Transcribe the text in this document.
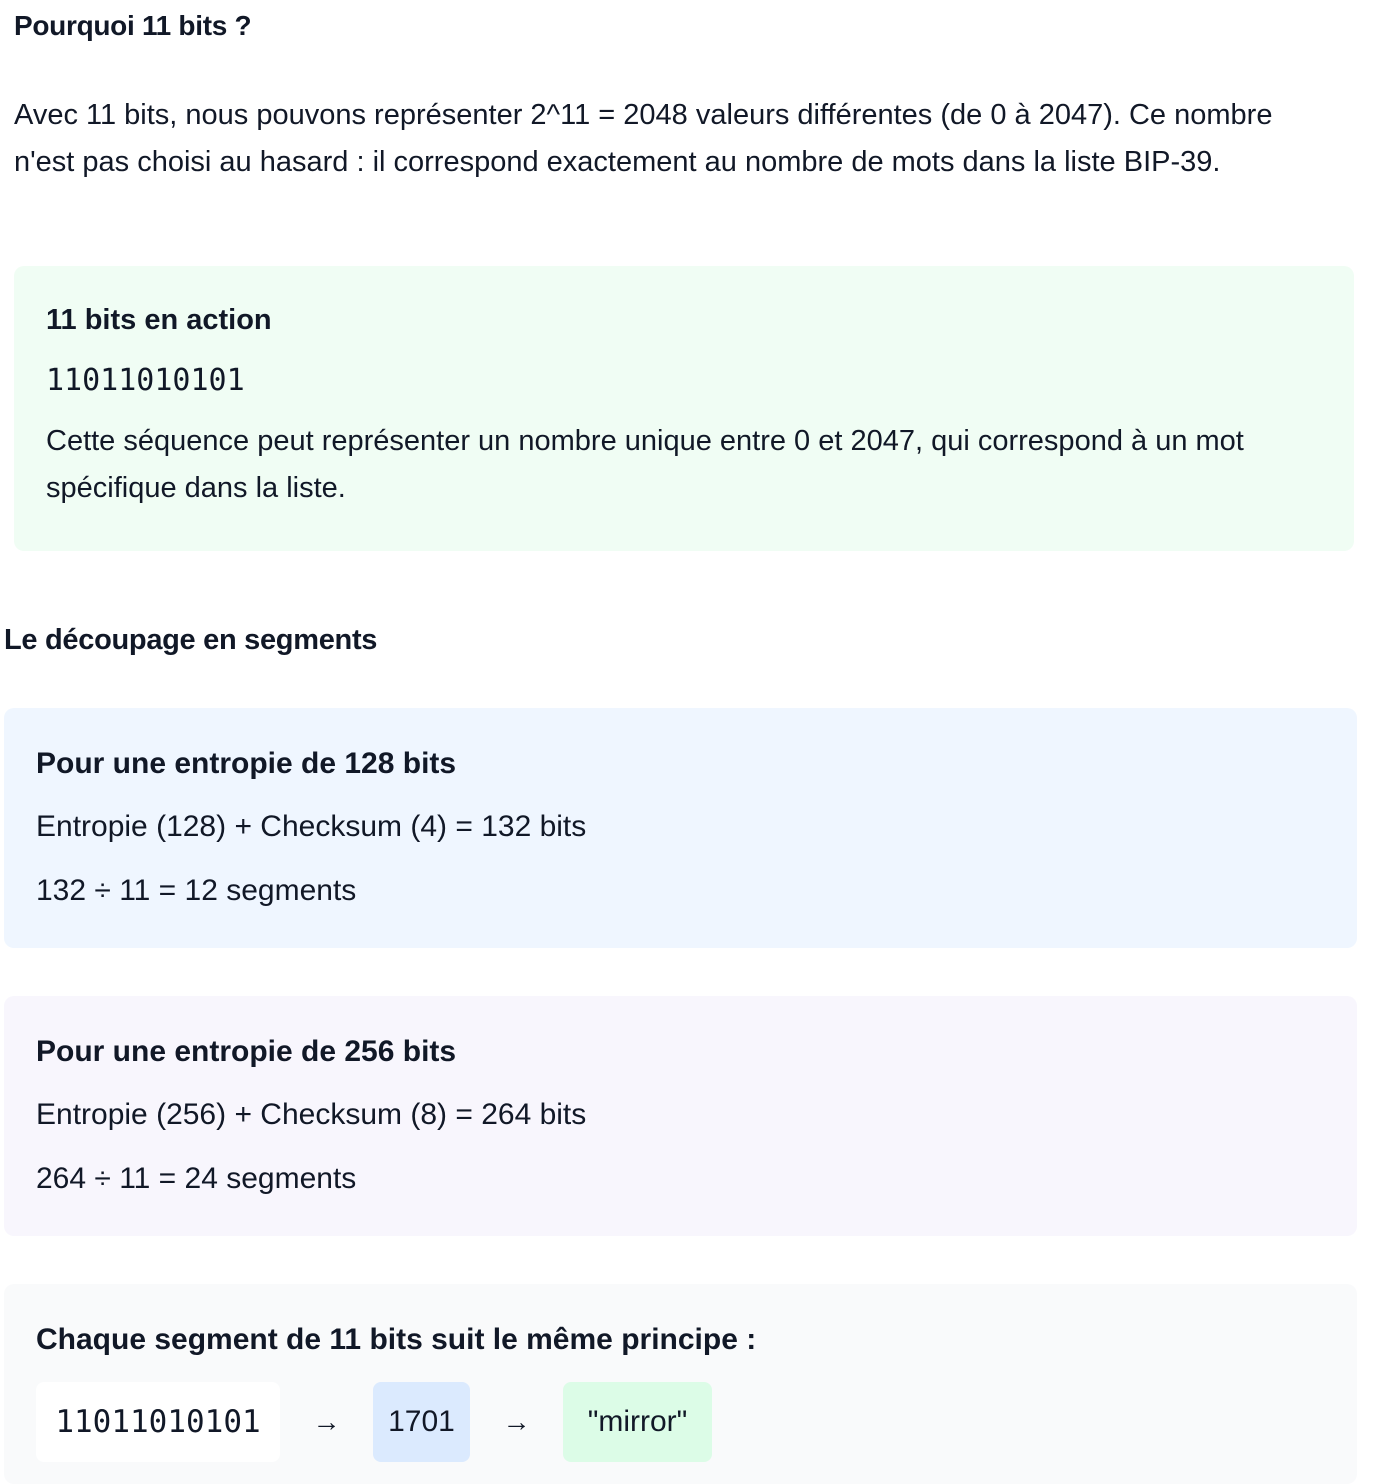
Pourquoi 11 bits ?

Avec 11 bits, nous pouvons représenter 2^11 = 2048 valeurs différentes (de 0 à 2047). Ce nombre n'est pas choisi au hasard : il correspond exactement au nombre de mots dans la liste BIP-39.

11 bits en action

11011010101

Cette séquence peut représenter un nombre unique entre 0 et 2047, qui correspond à un mot spécifique dans la liste.

Le découpage en segments

Pour une entropie de 128 bits

Entropie (128) + Checksum (4) = 132 bits

132 ÷ 11 = 12 segments

Pour une entropie de 256 bits

Entropie (256) + Checksum (8) = 264 bits

264 ÷ 11 = 24 segments

Chaque segment de 11 bits suit le même principe :

11011010101	→	1701	→	"mirror"
